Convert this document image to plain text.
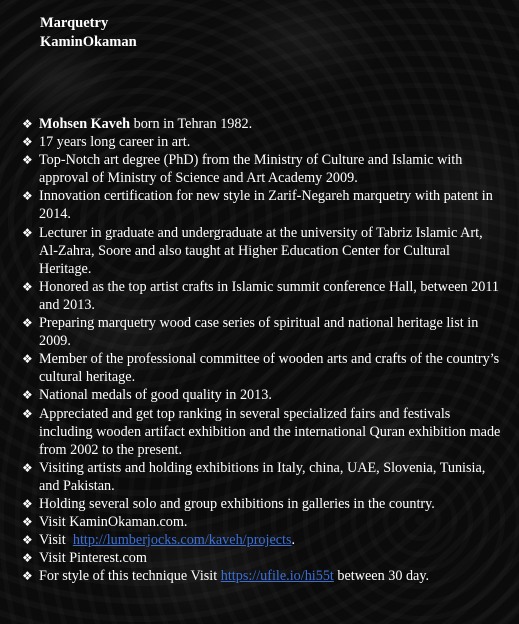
Marquetry
KaminOkaman
❖ Mohsen Kaveh born in Tehran 1982.
❖ 17 years long career in art.
❖ Top-Notch art degree (PhD) from the Ministry of Culture and Islamic with approval of Ministry of Science and Art Academy 2009.
❖ Innovation certification for new style in Zarif-Negareh marquetry with patent in 2014.
❖ Lecturer in graduate and undergraduate at the university of Tabriz Islamic Art, Al-Zahra, Soore and also taught at Higher Education Center for Cultural Heritage.
❖ Honored as the top artist crafts in Islamic summit conference Hall, between 2011 and 2013.
❖ Preparing marquetry wood case series of spiritual and national heritage list in 2009.
❖ Member of the professional committee of wooden arts and crafts of the country’s cultural heritage.
❖ National medals of good quality in 2013.
❖ Appreciated and get top ranking in several specialized fairs and festivals including wooden artifact exhibition and the international Quran exhibition made from 2002 to the present.
❖ Visiting artists and holding exhibitions in Italy, china, UAE, Slovenia, Tunisia, and Pakistan.
❖ Holding several solo and group exhibitions in galleries in the country.
❖ Visit KaminOkaman.com.
❖ Visit  http://lumberjocks.com/kaveh/projects.
❖ Visit Pinterest.com
❖ For style of this technique Visit https://ufile.io/hi55t between 30 day.
